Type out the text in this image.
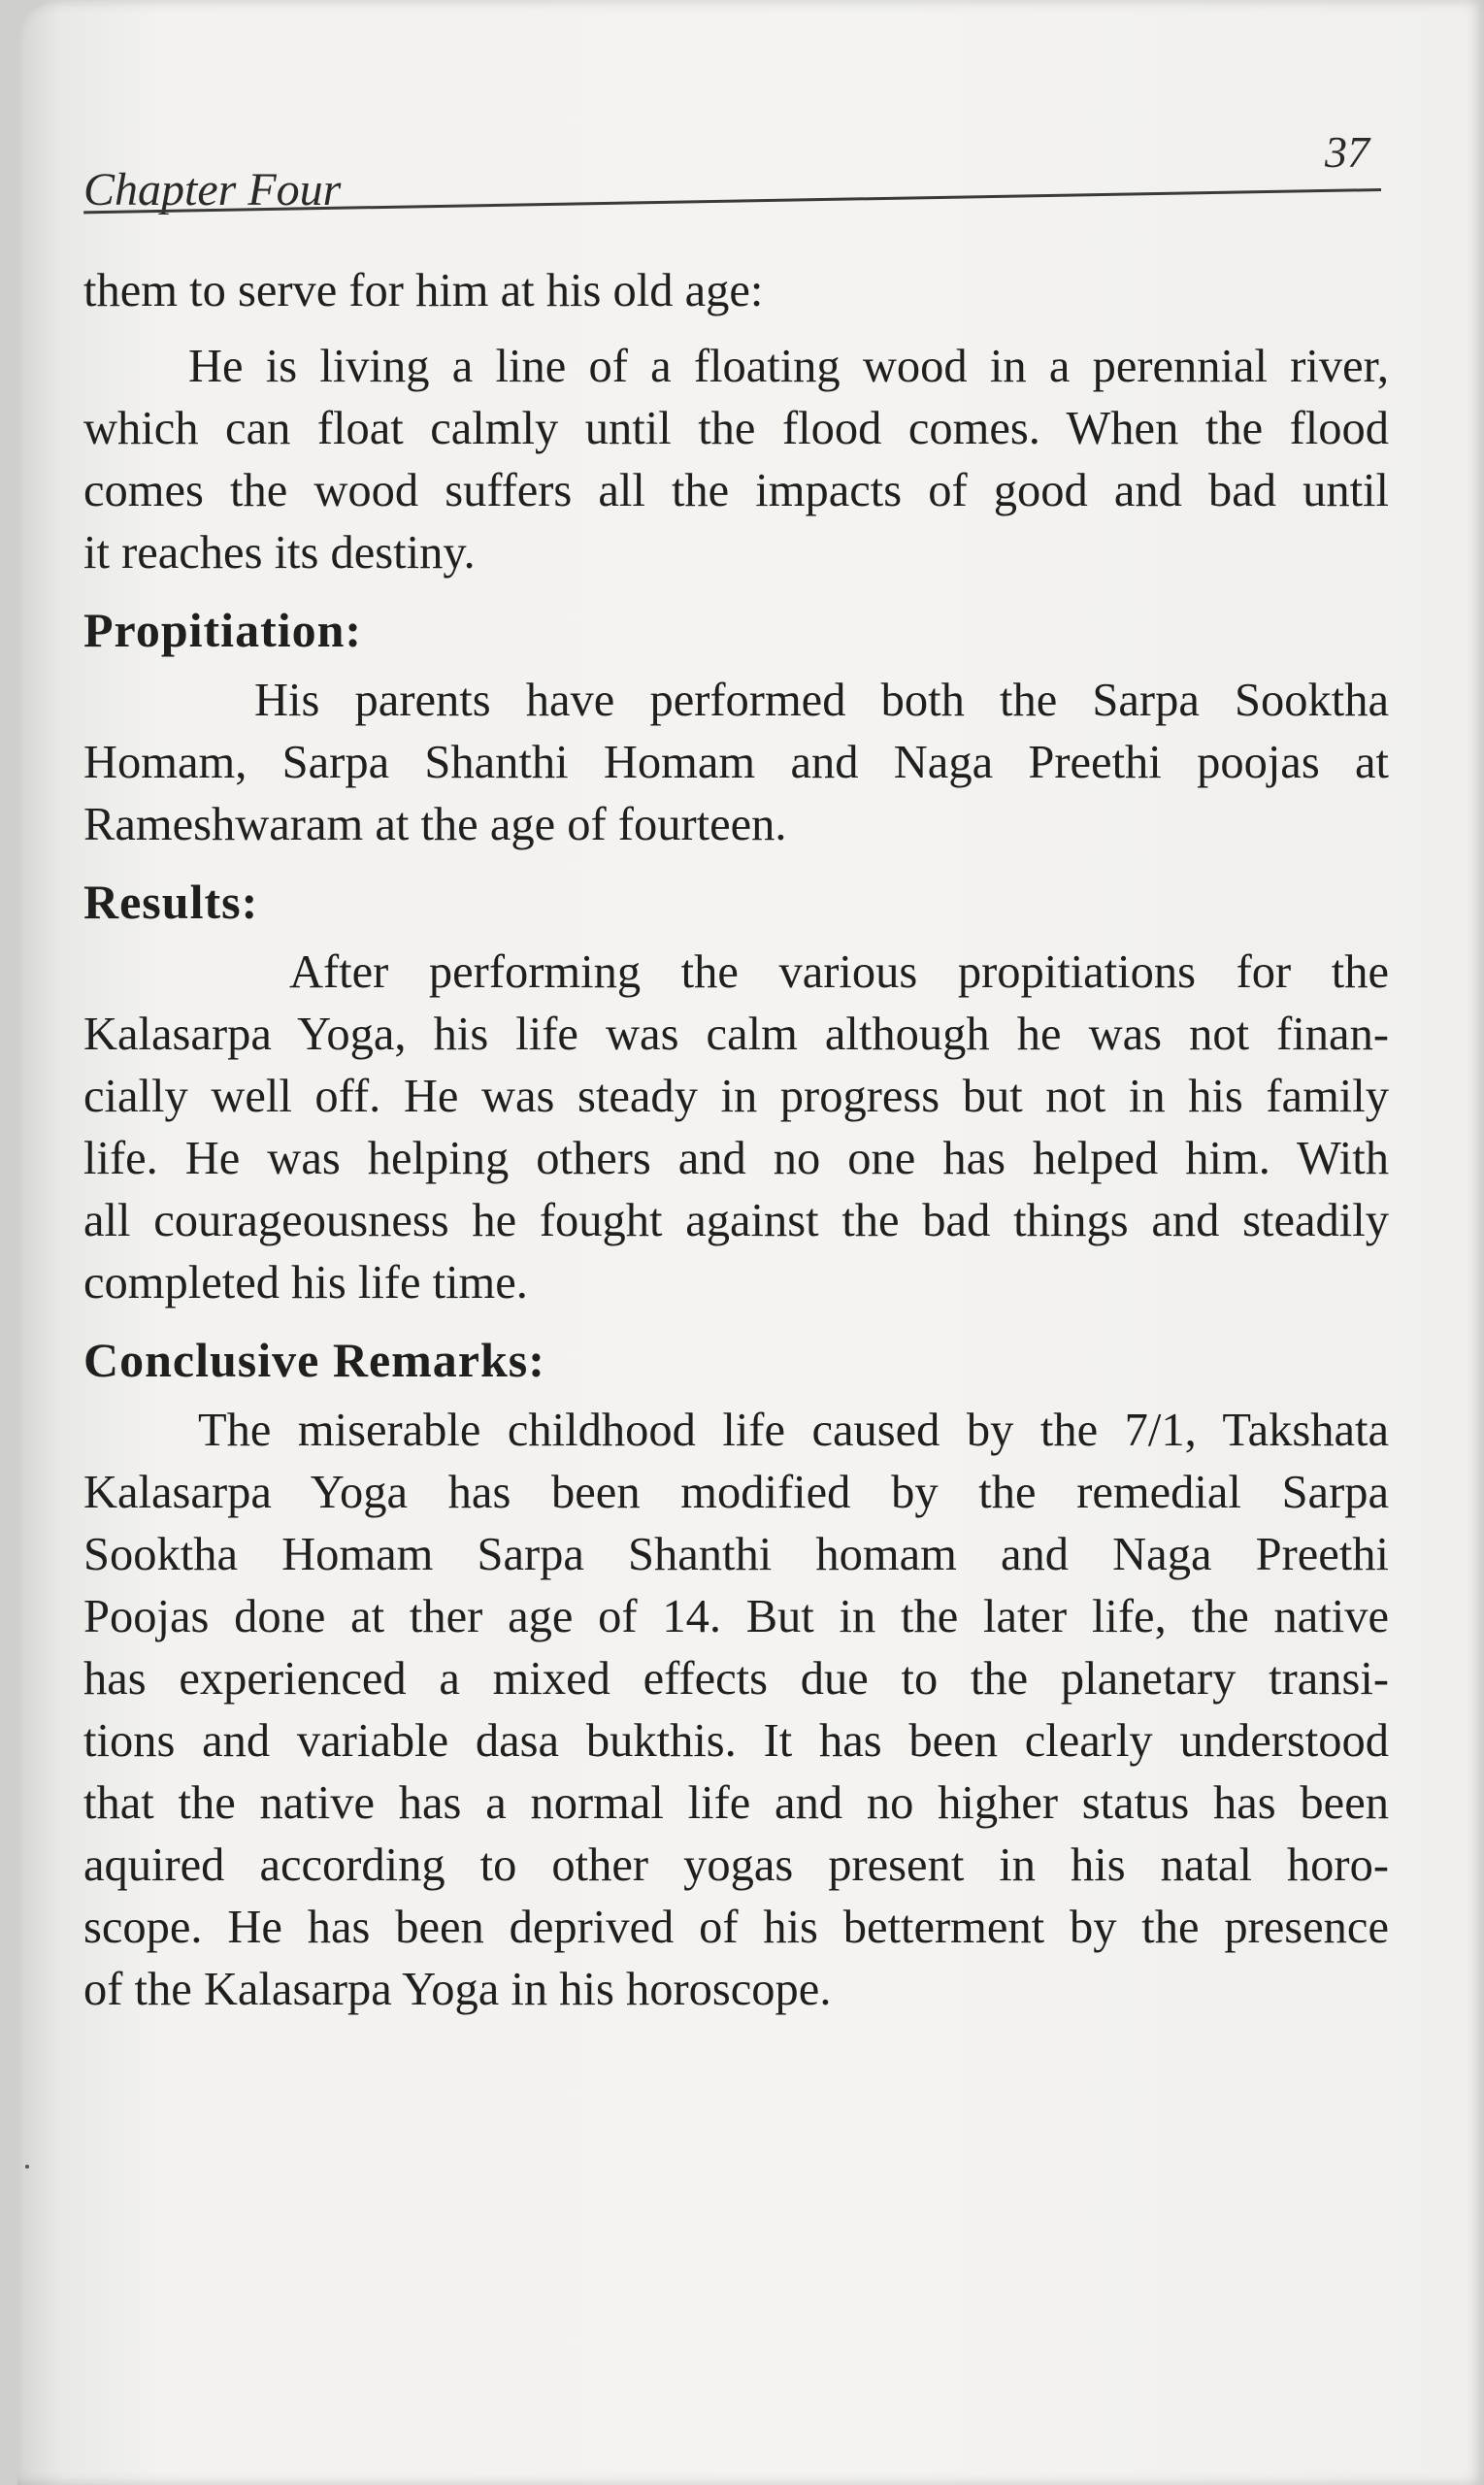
Chapter Four
37
them to serve for him at his old age:
He is living a line of a floating wood in a perennial river,
which can float calmly until the flood comes. When the flood
comes the wood suffers all the impacts of good and bad until
it reaches its destiny.
Propitiation:
His parents have performed both the Sarpa Sooktha
Homam, Sarpa Shanthi Homam and Naga Preethi poojas at
Rameshwaram at the age of fourteen.
Results:
After performing the various propitiations for the
Kalasarpa Yoga, his life was calm although he was not finan-
cially well off. He was steady in progress but not in his family
life. He was helping others and no one has helped him. With
all courageousness he fought against the bad things and steadily
completed his life time.
Conclusive Remarks:
The miserable childhood life caused by the 7/1, Takshata
Kalasarpa Yoga has been modified by the remedial Sarpa
Sooktha Homam Sarpa Shanthi homam and Naga Preethi
Poojas done at ther age of 14. But in the later life, the native
has experienced a mixed effects due to the planetary transi-
tions and variable dasa bukthis. It has been clearly understood
that the native has a normal life and no higher status has been
aquired according to other yogas present in his natal horo-
scope. He has been deprived of his betterment by the presence
of the Kalasarpa Yoga in his horoscope.
